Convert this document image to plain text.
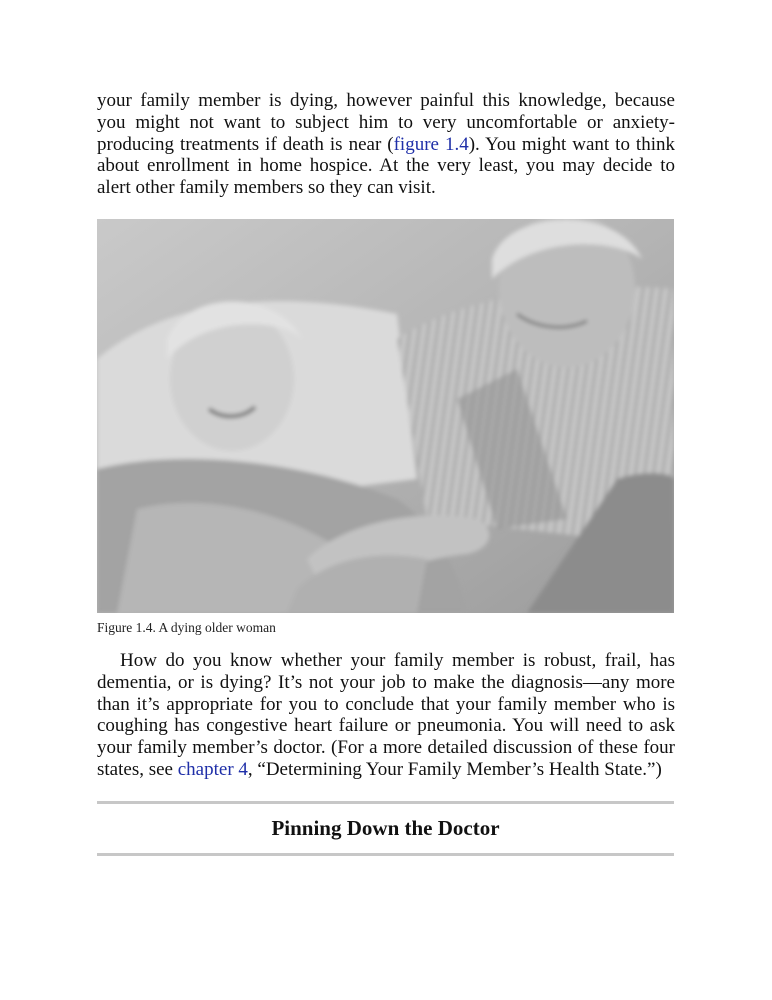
your family member is dying, however painful this knowledge, because you might not want to subject him to very uncomfortable or anxiety-producing treatments if death is near (figure 1.4). You might want to think about enrollment in home hospice. At the very least, you may decide to alert other family members so they can visit.

Figure 1.4. A dying older woman

How do you know whether your family member is robust, frail, has dementia, or is dying? It’s not your job to make the diagnosis—any more than it’s appropriate for you to conclude that your family member who is coughing has congestive heart failure or pneumonia. You will need to ask your family member’s doctor. (For a more detailed discussion of these four states, see chapter 4, “Determining Your Family Member’s Health State.”)

Pinning Down the Doctor
